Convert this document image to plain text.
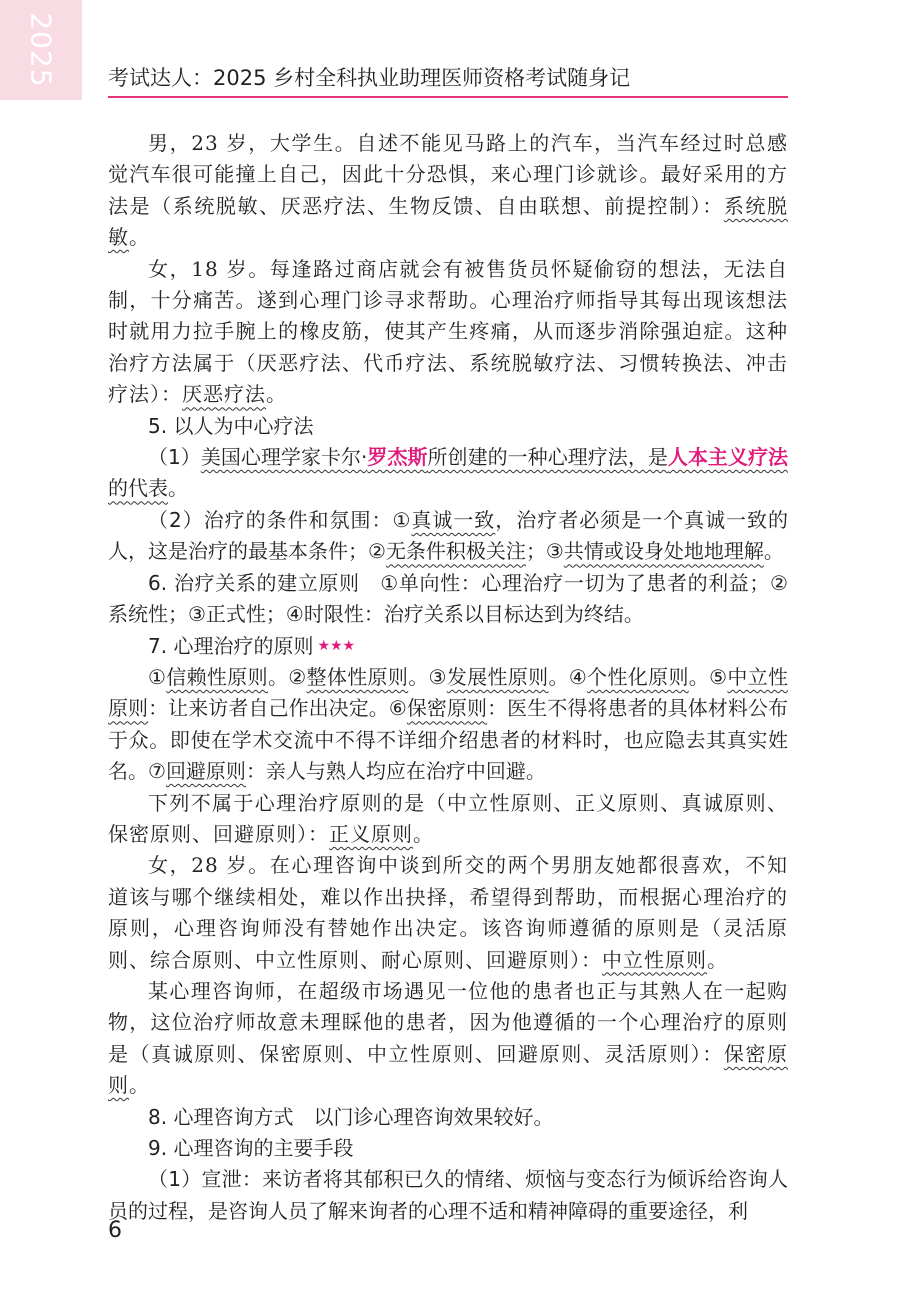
2025 考试达人：2025 乡村全科执业助理医师资格考试随身记

男，23 岁，大学生。自述不能见马路上的汽车，当汽车经过时总感觉汽车很可能撞上自己，因此十分恐惧，来心理门诊就诊。最好采用的方法是（系统脱敏、厌恶疗法、生物反馈、自由联想、前提控制）：系统脱敏。

女，18 岁。每逢路过商店就会有被售货员怀疑偷窃的想法，无法自制，十分痛苦。遂到心理门诊寻求帮助。心理治疗师指导其每出现该想法时就用力拉手腕上的橡皮筋，使其产生疼痛，从而逐步消除强迫症。这种治疗方法属于（厌恶疗法、代币疗法、系统脱敏疗法、习惯转换法、冲击疗法）：厌恶疗法。

5. 以人为中心疗法

（1）美国心理学家卡尔·罗杰斯所创建的一种心理疗法，是人本主义疗法的代表。

（2）治疗的条件和氛围：①真诚一致，治疗者必须是一个真诚一致的人，这是治疗的最基本条件；②无条件积极关注；③共情或设身处地地理解。

6. 治疗关系的建立原则　①单向性：心理治疗一切为了患者的利益；②系统性；③正式性；④时限性：治疗关系以目标达到为终结。

7. 心理治疗的原则 ★★★

①信赖性原则。②整体性原则。③发展性原则。④个性化原则。⑤中立性原则：让来访者自己作出决定。⑥保密原则：医生不得将患者的具体材料公布于众。即使在学术交流中不得不详细介绍患者的材料时，也应隐去其真实姓名。⑦回避原则：亲人与熟人均应在治疗中回避。

下列不属于心理治疗原则的是（中立性原则、正义原则、真诚原则、保密原则、回避原则）：正义原则。

女，28 岁。在心理咨询中谈到所交的两个男朋友她都很喜欢，不知道该与哪个继续相处，难以作出抉择，希望得到帮助，而根据心理治疗的原则，心理咨询师没有替她作出决定。该咨询师遵循的原则是（灵活原则、综合原则、中立性原则、耐心原则、回避原则）：中立性原则。

某心理咨询师，在超级市场遇见一位他的患者也正与其熟人在一起购物，这位治疗师故意未理睬他的患者，因为他遵循的一个心理治疗的原则是（真诚原则、保密原则、中立性原则、回避原则、灵活原则）：保密原则。

8. 心理咨询方式　以门诊心理咨询效果较好。

9. 心理咨询的主要手段

（1）宣泄：来访者将其郁积已久的情绪、烦恼与变态行为倾诉给咨询人员的过程，是咨询人员了解来询者的心理不适和精神障碍的重要途径，利

6
